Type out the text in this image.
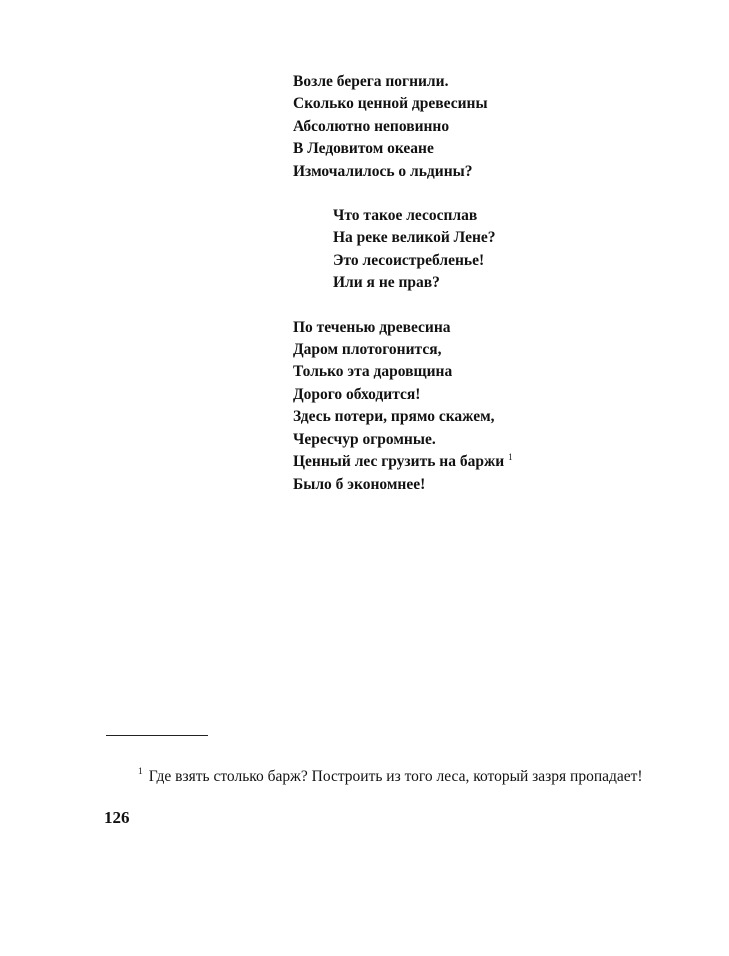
Возле берега погнили.
Сколько ценной древесины
Абсолютно неповинно
В Ледовитом океане
Измочалилось о льдины?
Что такое лесосплав
На реке великой Лене?
Это лесоистребленье!
Или я не прав?
По теченью древесина
Даром плотогонится,
Только эта даровщина
Дорого обходится!
Здесь потери, прямо скажем,
Чересчур огромные.
Ценный лес грузить на баржи $^1$
Было б экономнее!

$^1$ Где взять столько барж? Построить из того леса, который зазря пропадает!

126
